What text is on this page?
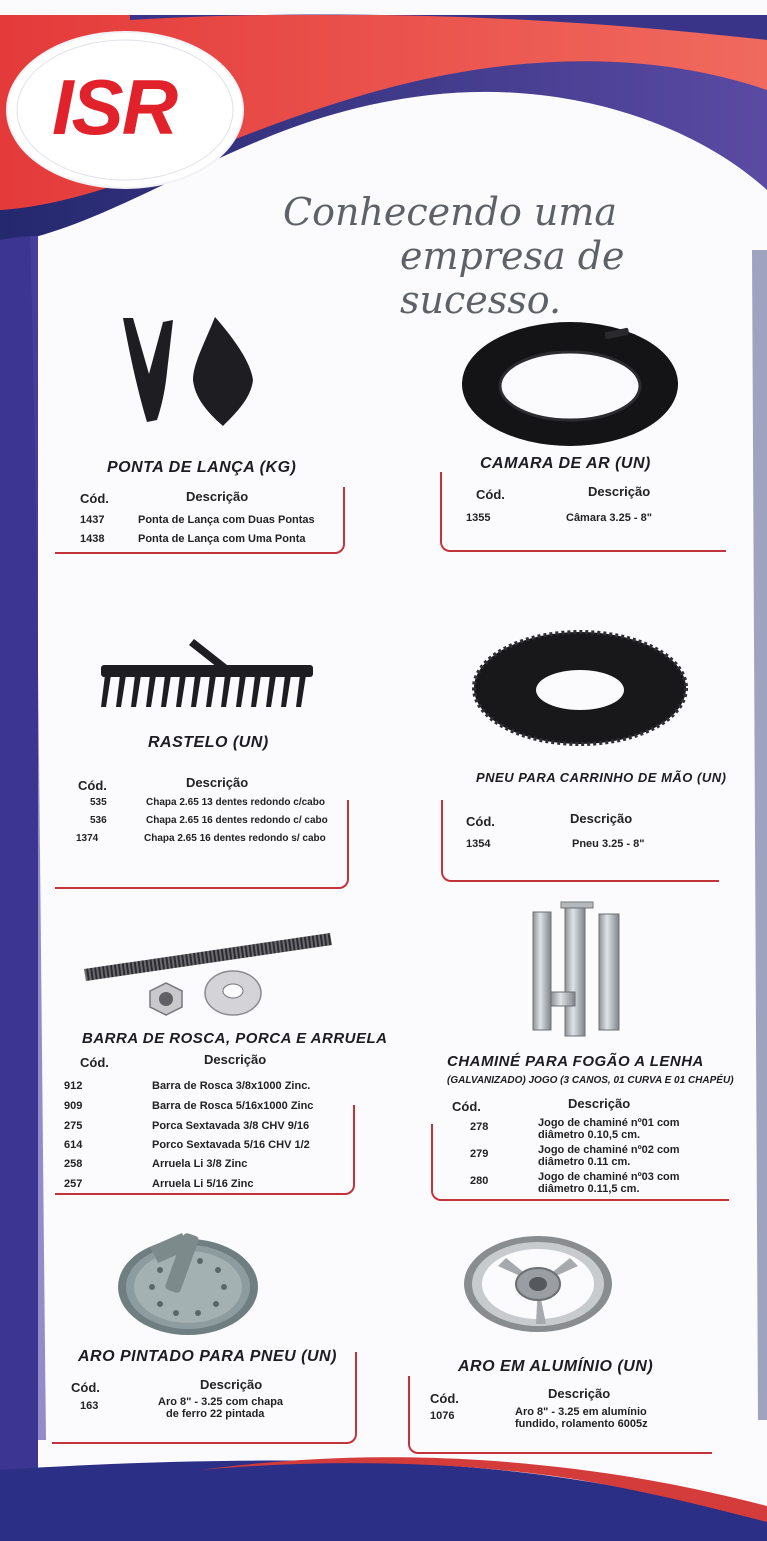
ISR
Conhecendo uma
empresa de sucesso.
PONTA DE LANÇA (KG)
Cód.	Descrição
1437	Ponta de Lança com Duas Pontas
1438	Ponta de Lança com Uma Ponta
CAMARA DE AR (UN)
Cód.	Descrição
1355	Câmara 3.25 - 8"
RASTELO (UN)
Cód.	Descrição
535	Chapa 2.65 13 dentes redondo c/cabo
536	Chapa 2.65 16 dentes redondo c/ cabo
1374	Chapa 2.65 16 dentes redondo s/ cabo
PNEU PARA CARRINHO DE MÃO (UN)
Cód.	Descrição
1354	Pneu 3.25 - 8"
BARRA DE ROSCA, PORCA E ARRUELA
Cód.	Descrição
912	Barra de Rosca 3/8x1000 Zinc.
909	Barra de Rosca 5/16x1000 Zinc
275	Porca Sextavada 3/8 CHV 9/16
614	Porco Sextavada 5/16 CHV 1/2
258	Arruela Li 3/8 Zinc
257	Arruela Li 5/16 Zinc
CHAMINÉ PARA FOGÃO A LENHA
(GALVANIZADO) JOGO (3 CANOS, 01 CURVA E 01 CHAPÉU)
Cód.	Descrição
278	Jogo de chaminé nº01 com
diâmetro 0.10,5 cm.
279	Jogo de chaminé nº02 com
diâmetro 0.11 cm.
280	Jogo de chaminé nº03 com
diâmetro 0.11,5 cm.
ARO PINTADO PARA PNEU (UN)
Cód.	Descrição
163	Aro 8" - 3.25 com chapa
de ferro 22 pintada
ARO EM ALUMÍNIO (UN)
Cód.	Descrição
1076	Aro 8" - 3.25 em alumínio
fundido, rolamento 6005z
